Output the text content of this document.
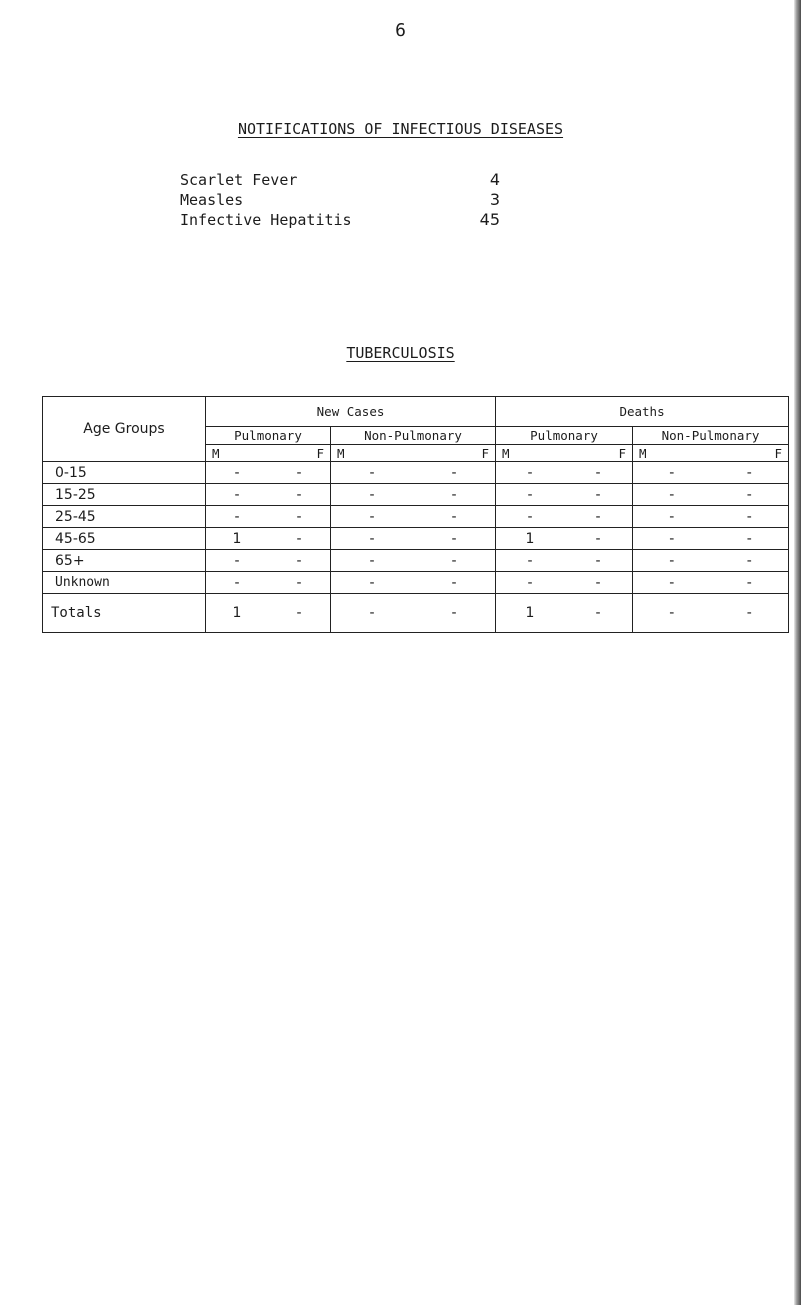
6
NOTIFICATIONS OF INFECTIOUS DISEASES
Scarlet Fever	4
Measles	3
Infective Hepatitis	45
TUBERCULOSIS
Age Groups	New Cases		Deaths	
	Pulmonary	Non-Pulmonary	Pulmonary	Non-Pulmonary

	M F	M F	M F	M F

0-15	- -	- -	- -	- -

15-25	- -	- -	- -	- -

25-45	- -	- -	- -	- -

45-65	1 -	- -	1 -	- -

65+	- -	- -	- -	- -

Unknown	- -	- -	- -	- -

Totals	1 -	- -	1 -	- -
